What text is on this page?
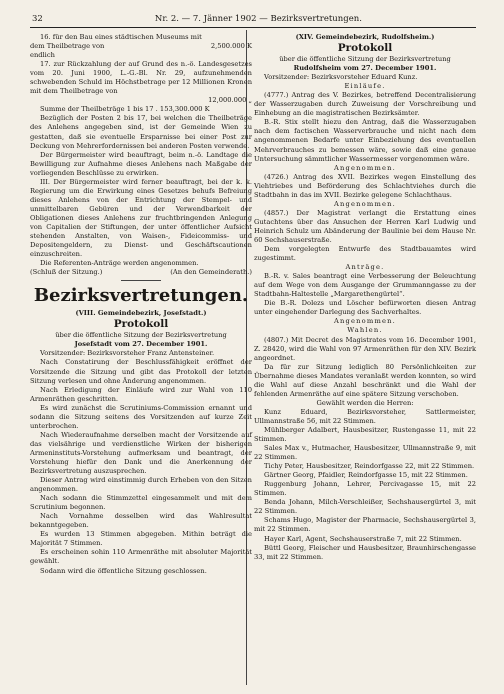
32	Nr. 2. — 7. Jänner 1902 — Bezirksvertretungen.

16. für den Bau eines städtischen Museums mit

dem Theilbetrage von	2,500.000 K

endlich

17. zur Rückzahlung der auf Grund des n.-ö. Landesgesetzes vom 20. Juni 1900, L.-G.-Bl. Nr. 29, aufzunehmenden schwebenden Schuld im Höchstbetrage per 12 Millionen Kronen mit dem Theilbetrage von

12,000.000 „

Summe der Theilbeträge 1 bis 17 . 153,300.000 K

Bezüglich der Posten 2 bis 17, bei welchen die Theilbeträge des Anlehens angegeben sind, ist der Gemeinde Wien zu gestatten, daß sie eventuelle Ersparnisse bei einer Post zur Deckung von Mehrerfordernissen bei anderen Posten verwende.

Der Bürgermeister wird beauftragt, beim n.-ö. Landtage die Bewilligung zur Aufnahme dieses Anlehens nach Maßgabe der vorliegenden Beschlüsse zu erwirken.

III. Der Bürgermeister wird ferner beauftragt, bei der k. k. Regierung um die Erwirkung eines Gesetzes behufs Befreiung dieses Anlehens von der Entrichtung der Stempel- und unmittelbaren Gebüren und der Verwendbarkeit der Obligationen dieses Anlehens zur fruchtbringenden Anlegung von Capitalien der Stiftungen, der unter öffentlicher Aufsicht stehenden Anstalten, von Waisen-, Fideicommiss- und Depositengeldern, zu Dienst- und Geschäftscautionen einzuschreiten.

Die Referenten-Anträge werden angenommen.

(Schluß der Sitzung.)	(An den Gemeinderath.)
Bezirksvertretungen.

(VIII. Gemeindebezirk, Josefstadt.)

Protokoll

über die öffentliche Sitzung der Bezirksvertretung

Josefstadt vom 27. December 1901.

Vorsitzender: Bezirksvorsteher Franz Antensteiner.

Nach Constatirung der Beschlussfähigkeit eröffnet der Vorsitzende die Sitzung und gibt das Protokoll der letzten Sitzung verlesen und ohne Änderung angenommen.

Nach Erledigung der Einläufe wird zur Wahl von 110 Armenräthen geschritten.

Es wird zunächst die Scrutiniums-Commission ernannt und sodann die Sitzung seitens des Vorsitzenden auf kurze Zeit unterbrochen.

Nach Wiederaufnahme derselben macht der Vorsitzende auf das vielsährige und verdienstliche Wirken der bisherigen Armeninstituts-Vorstehung aufmerksam und beantragt, der Vorstehung hiefür den Dank und die Anerkennung der Bezirksvertretung auszusprechen.

Dieser Antrag wird einstimmig durch Erheben von den Sitzen angenommen.

Nach sodann die Stimmzettel eingesammelt und mit dem Scrutinium begonnen.

Nach Vornahme desselben wird das Wahlresultat bekanntgegeben.

Es wurden 13 Stimmen abgegeben. Mithin beträgt die Majorität 7 Stimmen.

Es erscheinen sohin 110 Armenräthe mit absoluter Majorität gewählt.

Sodann wird die öffentliche Sitzung geschlossen.

(XIV. Gemeindebezirk, Rudolfsheim.)

Protokoll

über die öffentliche Sitzung der Bezirksvertretung

Rudolfsheim vom 27. December 1901.

Vorsitzender: Bezirksvorsteher Eduard Kunz.

Einläufe.

(4777.) Antrag des V. Bezirkes, betreffend Decentralisierung der Wasserzugaben durch Zuweisung der Vorschreibung und Einhebung an die magistratischen Bezirksämter.

B.-R. Stix stellt hiezu den Antrag, daß die Wasserzugaben nach dem factischen Wasserverbrauche und nicht nach dem angenommenen Bedarfe unter Einbeziehung des eventuellen Mehrverbrauches zu bemessen wäre, sowie daß eine genaue Untersuchung sämmtlicher Wassermesser vorgenommen wäre.

Angenommen.

(4726.) Antrag des XVII. Bezirkes wegen Einstellung des Viehtriebes und Beförderung des Schlachtviehes durch die Stadtbahn in das im XVII. Bezirke gelegene Schlachthaus.

Angenommen.

(4857.) Der Magistrat verlangt die Erstattung eines Gutachtens über das Ansuchen der Herren Karl Ludwig und Heinrich Schulz um Abänderung der Baulinie bei dem Hause Nr. 60 Sechshauserstraße.

Dem vorgelegten Entwurfe des Stadtbauamtes wird zugestimmt.

Anträge.

B.-R. v. Sales beantragt eine Verbesserung der Beleuchtung auf dem Wege von dem Ausgange der Grummanngasse zu der Stadtbahn-Haltestelle „Margarethengürtel“.

Die B.-R. Dolezs und Löscher befürworten diesen Antrag unter eingehender Darlegung des Sachverhaltes.

Angenommen.

Wahlen.

(4807.) Mit Decret des Magistrates vom 16. December 1901, Z. 28420, wird die Wahl von 97 Armenräthen für den XIV. Bezirk angeordnet.

Da für zur Sitzung lediglich 80 Persönlichkeiten zur Übernahme dieses Mandates veranlaßt werden konnten, so wird die Wahl auf diese Anzahl beschränkt und die Wahl der fehlenden Armenräthe auf eine spätere Sitzung verschoben.

Gewählt werden die Herren:

Kunz Eduard, Bezirksvorsteher, Sattlermeister, Ullmannstraße 56, mit 22 Stimmen.

Mühlberger Adalbert, Hausbesitzer, Rustengasse 11, mit 22 Stimmen.

Sales Max v., Hutmacher, Hausbesitzer, Ullmannstraße 9, mit 22 Stimmen.

Tichy Peter, Hausbesitzer, Reindorfgasse 22, mit 22 Stimmen.

Gärtner Georg, Pfaidler, Reindorfgasse 15, mit 22 Stimmen.

Ruggenburg Johann, Lehrer, Percivagasse 15, mit 22 Stimmen.

Benda Johann, Milch-Verschleißer, Sechshausergürtel 3, mit 22 Stimmen.

Schams Hugo, Magister der Pharmacie, Sechshausergürtel 3, mit 22 Stimmen.

Hayer Karl, Agent, Sechshauserstraße 7, mit 22 Stimmen.

Büttl Georg, Fleischer und Hausbesitzer, Braunhirschengasse 33, mit 22 Stimmen.
